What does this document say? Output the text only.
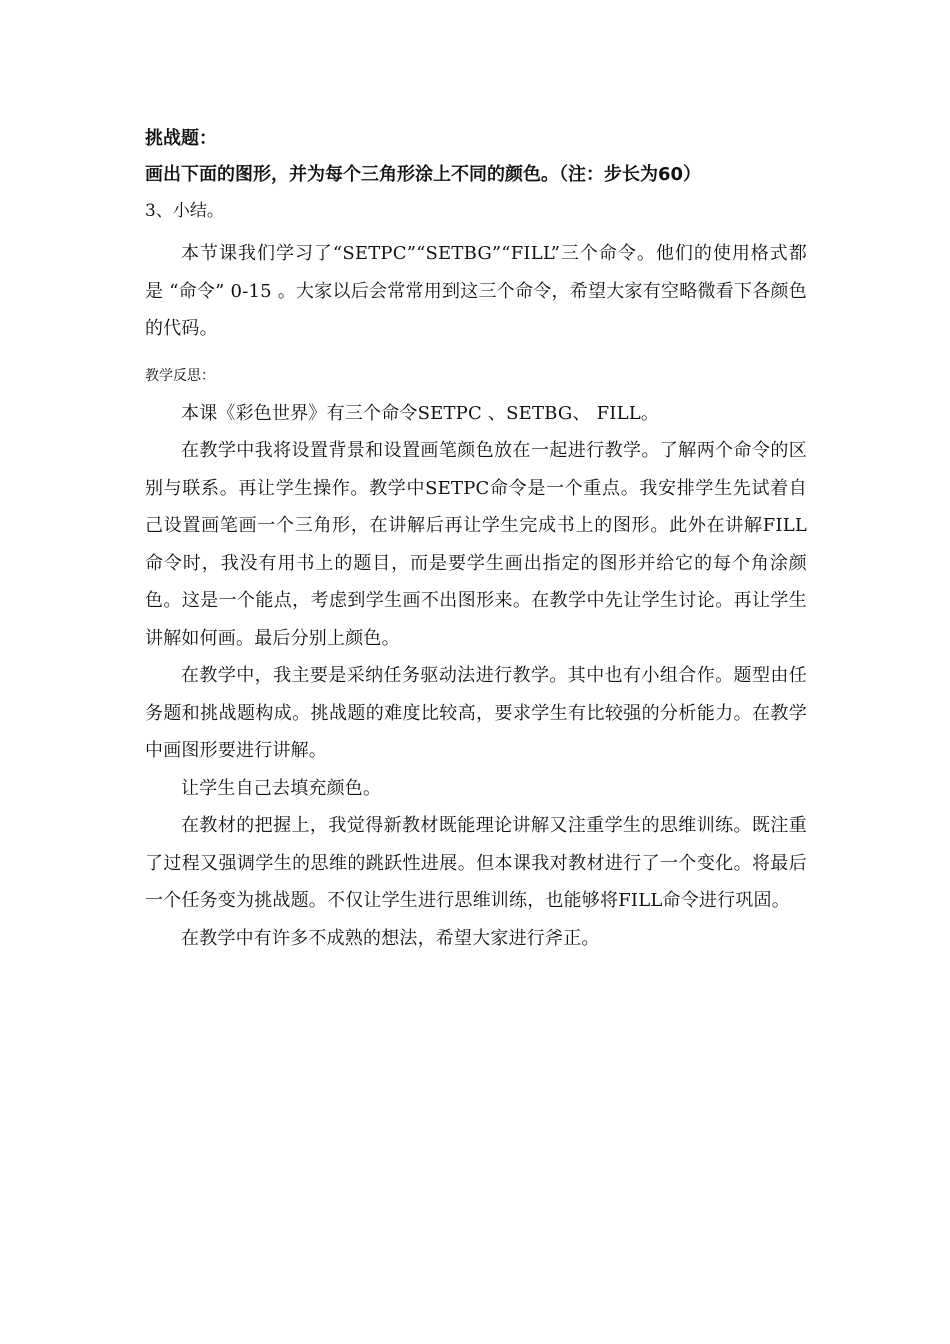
挑战题：

画出下面的图形，并为每个三角形涂上不同的颜色。（注：步长为60）

3、小结。

本节课我们学习了“SETPC”“SETBG”“FILL”三个命令。他们的使用格式都是 “命令” 0-15 。大家以后会常常用到这三个命令，希望大家有空略微看下各颜色的代码。

教学反思：

本课《彩色世界》有三个命令SETPC 、SETBG、 FILL。

在教学中我将设置背景和设置画笔颜色放在一起进行教学。了解两个命令的区别与联系。再让学生操作。教学中SETPC命令是一个重点。我安排学生先试着自己设置画笔画一个三角形，在讲解后再让学生完成书上的图形。此外在讲解FILL命令时，我没有用书上的题目，而是要学生画出指定的图形并给它的每个角涂颜色。这是一个能点，考虑到学生画不出图形来。在教学中先让学生讨论。再让学生讲解如何画。最后分别上颜色。

在教学中，我主要是采纳任务驱动法进行教学。其中也有小组合作。题型由任务题和挑战题构成。挑战题的难度比较高，要求学生有比较强的分析能力。在教学中画图形要进行讲解。

让学生自己去填充颜色。

在教材的把握上，我觉得新教材既能理论讲解又注重学生的思维训练。既注重了过程又强调学生的思维的跳跃性进展。但本课我对教材进行了一个变化。将最后一个任务变为挑战题。不仅让学生进行思维训练，也能够将FILL命令进行巩固。

在教学中有许多不成熟的想法，希望大家进行斧正。
